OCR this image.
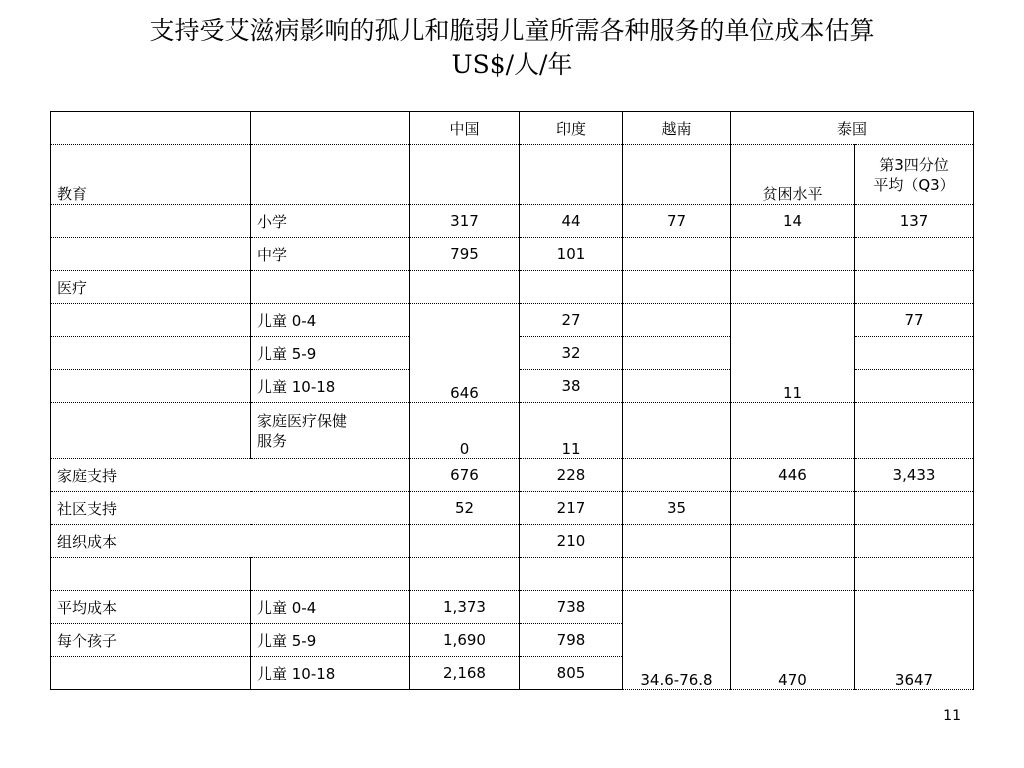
支持受艾滋病影响的孤儿和脆弱儿童所需各种服务的单位成本估算
US$/人/年
		中国	印度	越南	泰国	
教育					贫困水平	第3四分位
平均（Q3）
	小学	317	44	77	14	137
	中学	795	101			
医疗						
	儿童 0-4	646	27		11	77
	儿童 5-9		32			
	儿童 10-18		38			
	家庭医疗保健
服务	0	11			
家庭支持		676	228		446	3,433
社区支持		52	217	35		
组织成本			210			

平均成本	儿童 0-4	1,373	738	34.6-76.8	470	3647
每个孩子	儿童 5-9	1,690	798			
	儿童 10-18	2,168	805			
11
